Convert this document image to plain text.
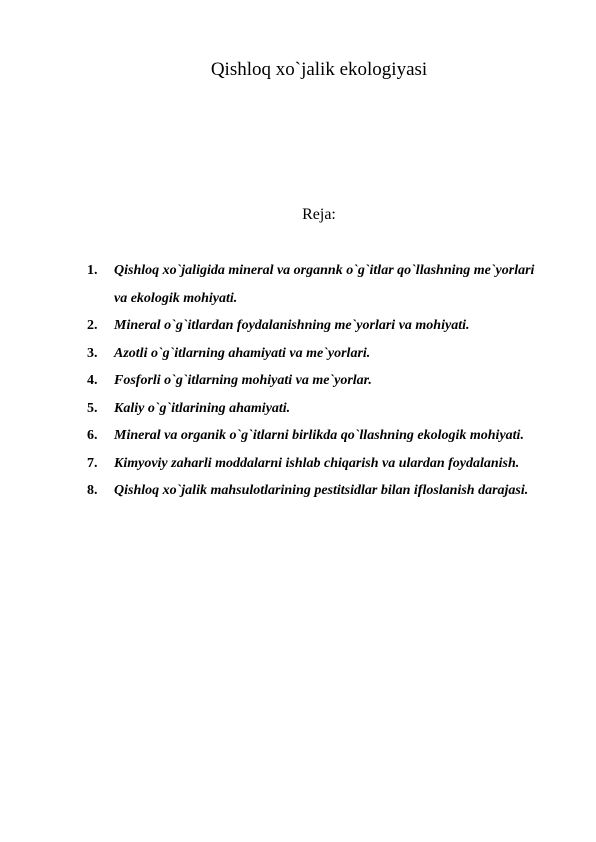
Qishloq xo`jalik ekologiyasi
Reja:
1. Qishloq xo`jaligida mineral va organnk o`g`itlar qo`llashning me`yorlari va ekologik mohiyati.
2. Mineral o`g`itlardan foydalanishning me`yorlari va mohiyati.
3. Azotli o`g`itlarning ahamiyati va me`yorlari.
4. Fosforli o`g`itlarning mohiyati va me`yorlar.
5. Kaliy o`g`itlarining ahamiyati.
6. Mineral va organik o`g`itlarni birlikda qo`llashning ekologik mohiyati.
7. Kimyoviy zaharli moddalarni ishlab chiqarish va ulardan foydalanish.
8. Qishloq xo`jalik mahsulotlarining pestitsidlar bilan ifloslanish darajasi.
